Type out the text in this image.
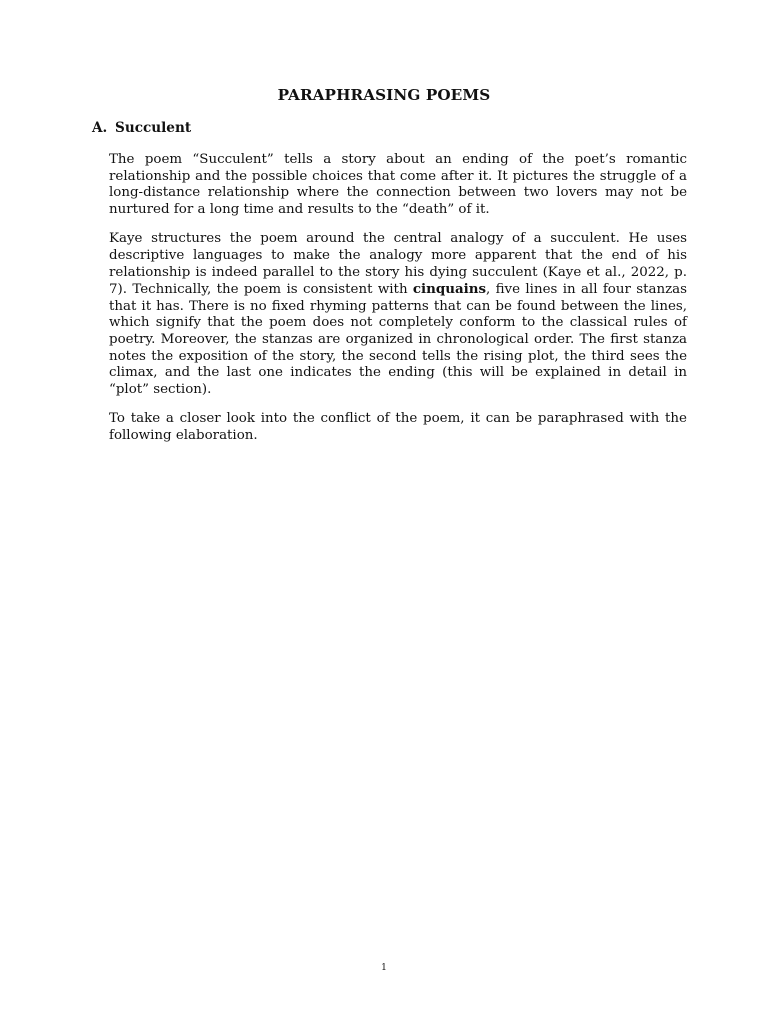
PARAPHRASING POEMS
A. Succulent

The poem “Succulent” tells a story about an ending of the poet’s romantic relationship and the possible choices that come after it. It pictures the struggle of a long-distance relationship where the connection between two lovers may not be nurtured for a long time and results to the “death” of it.

Kaye structures the poem around the central analogy of a succulent. He uses descriptive languages to make the analogy more apparent that the end of his relationship is indeed parallel to the story his dying succulent (Kaye et al., 2022, p. 7). Technically, the poem is consistent with cinquains, five lines in all four stanzas that it has. There is no fixed rhyming patterns that can be found between the lines, which signify that the poem does not completely conform to the classical rules of poetry. Moreover, the stanzas are organized in chronological order. The first stanza notes the exposition of the story, the second tells the rising plot, the third sees the climax, and the last one indicates the ending (this will be explained in detail in “plot” section).

To take a closer look into the conflict of the poem, it can be paraphrased with the following elaboration.

1
